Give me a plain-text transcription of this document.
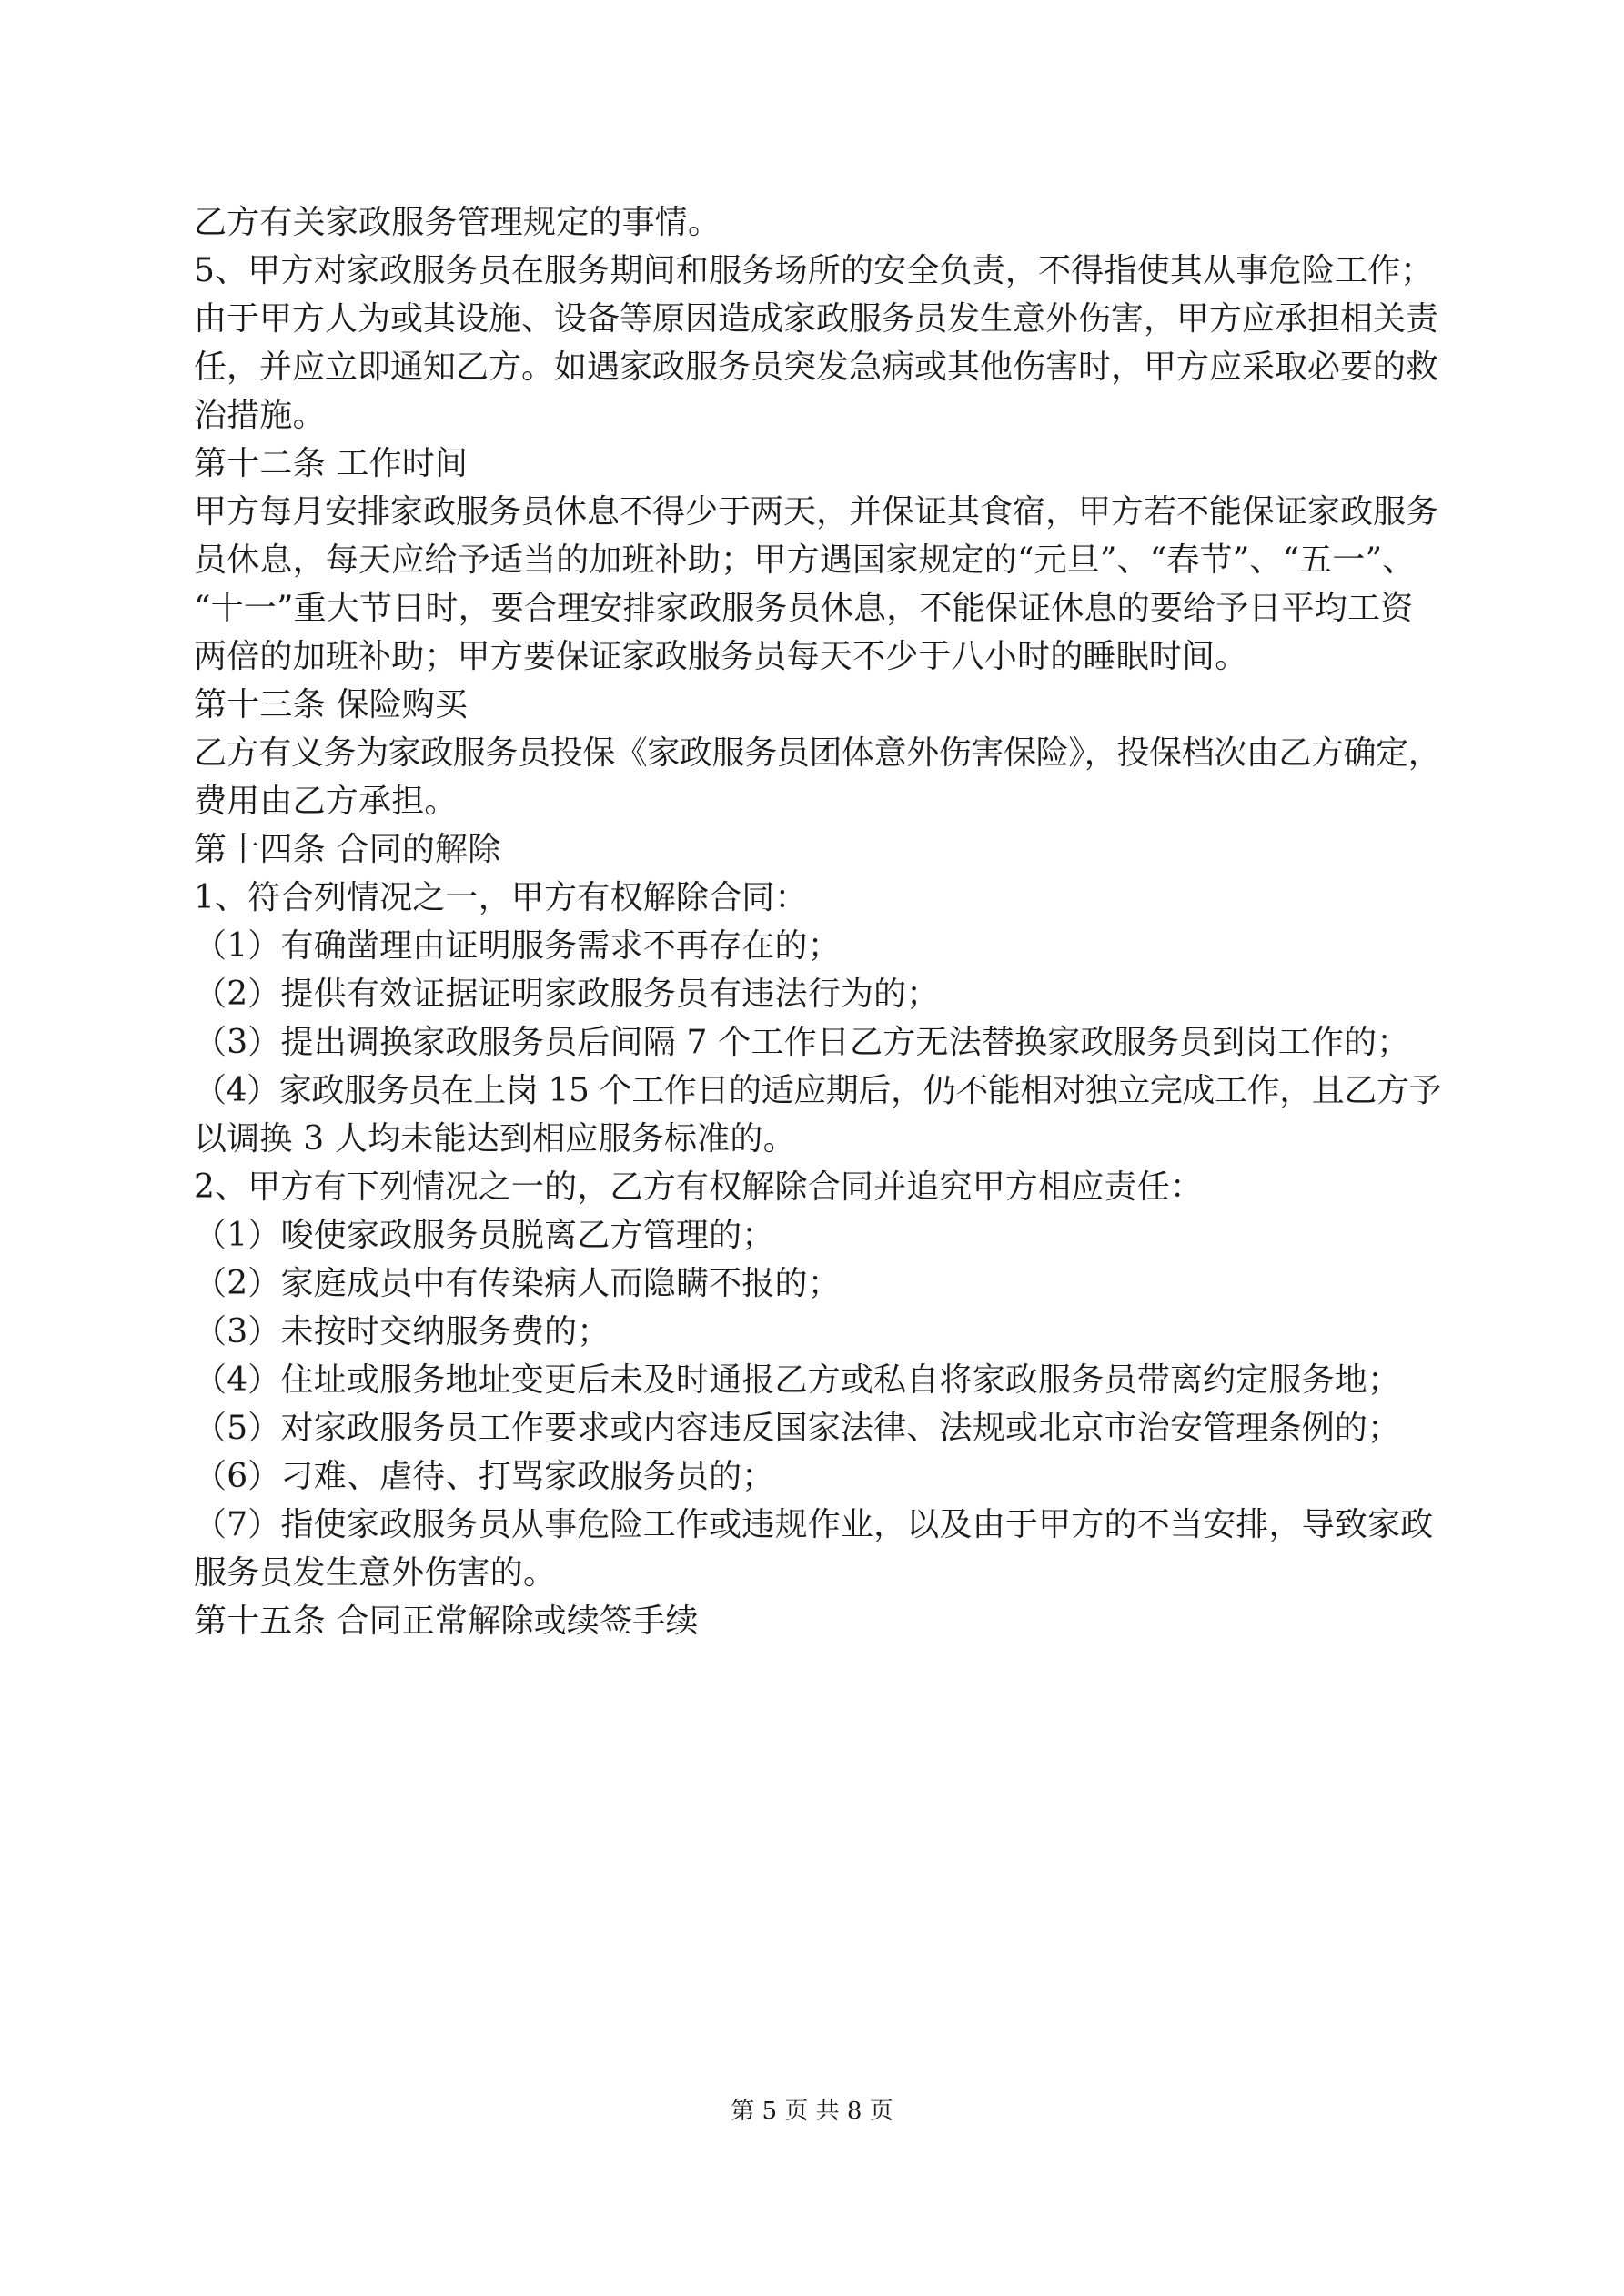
乙方有关家政服务管理规定的事情。

5、甲方对家政服务员在服务期间和服务场所的安全负责，不得指使其从事危险工作；

由于甲方人为或其设施、设备等原因造成家政服务员发生意外伤害，甲方应承担相关责

任，并应立即通知乙方。如遇家政服务员突发急病或其他伤害时，甲方应采取必要的救

治措施。

第十二条 工作时间

甲方每月安排家政服务员休息不得少于两天，并保证其食宿，甲方若不能保证家政服务

员休息，每天应给予适当的加班补助；甲方遇国家规定的“元旦”、“春节”、“五一”、

“十一”重大节日时，要合理安排家政服务员休息，不能保证休息的要给予日平均工资

两倍的加班补助；甲方要保证家政服务员每天不少于八小时的睡眠时间。

第十三条 保险购买

乙方有义务为家政服务员投保《家政服务员团体意外伤害保险》，投保档次由乙方确定，

费用由乙方承担。

第十四条 合同的解除

1、符合列情况之一，甲方有权解除合同：

（1）有确凿理由证明服务需求不再存在的；

（2）提供有效证据证明家政服务员有违法行为的；

（3）提出调换家政服务员后间隔 7 个工作日乙方无法替换家政服务员到岗工作的；

（4）家政服务员在上岗 15 个工作日的适应期后，仍不能相对独立完成工作，且乙方予

以调换 3 人均未能达到相应服务标准的。

2、甲方有下列情况之一的，乙方有权解除合同并追究甲方相应责任：

（1）唆使家政服务员脱离乙方管理的；

（2）家庭成员中有传染病人而隐瞒不报的；

（3）未按时交纳服务费的；

（4）住址或服务地址变更后未及时通报乙方或私自将家政服务员带离约定服务地；

（5）对家政服务员工作要求或内容违反国家法律、法规或北京市治安管理条例的；

（6）刁难、虐待、打骂家政服务员的；

（7）指使家政服务员从事危险工作或违规作业，以及由于甲方的不当安排，导致家政

服务员发生意外伤害的。

第十五条 合同正常解除或续签手续

第 5 页 共 8 页
